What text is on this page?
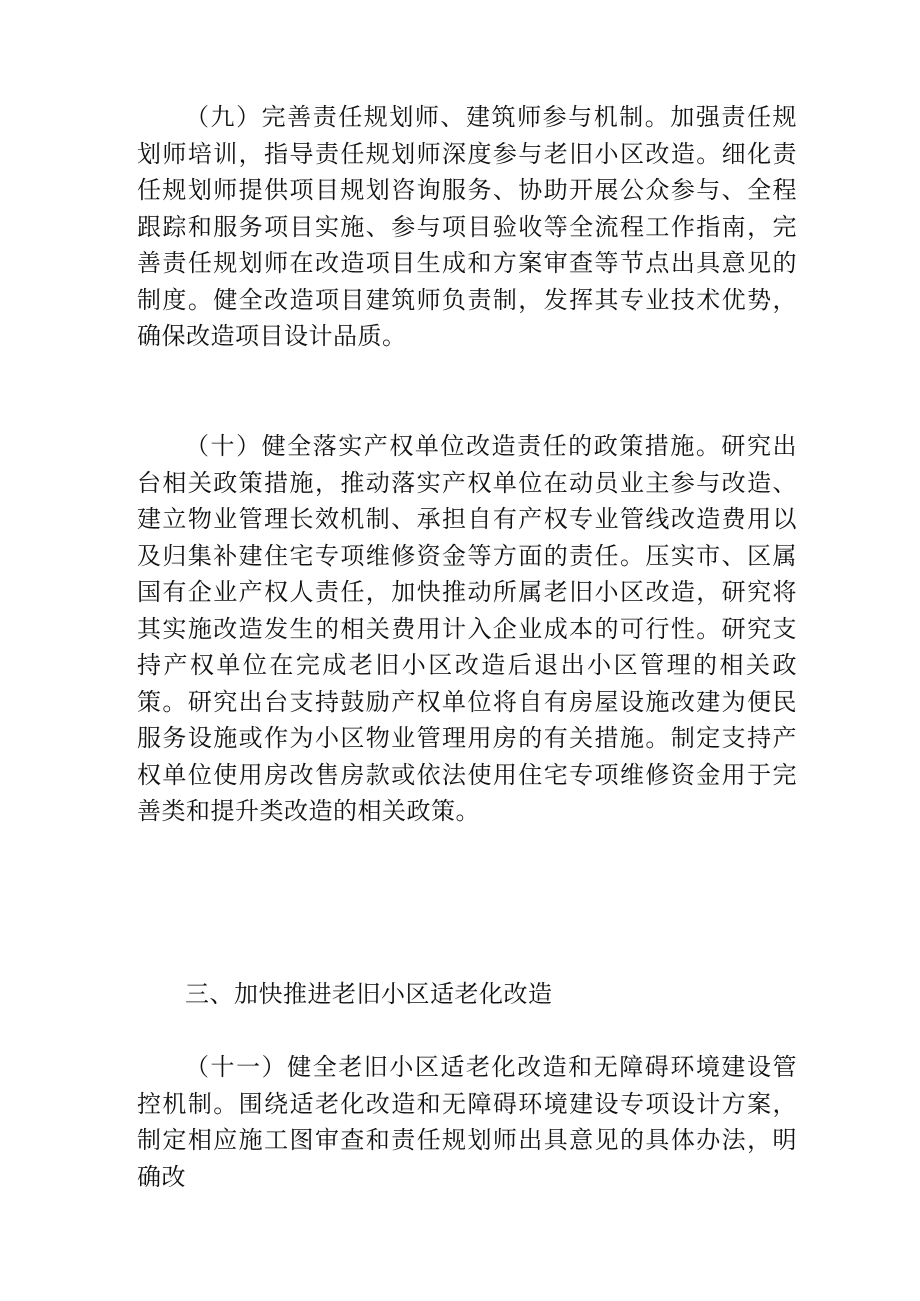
（九）完善责任规划师、建筑师参与机制。加强责任规划师培训，指导责任规划师深度参与老旧小区改造。细化责任规划师提供项目规划咨询服务、协助开展公众参与、全程跟踪和服务项目实施、参与项目验收等全流程工作指南，完善责任规划师在改造项目生成和方案审查等节点出具意见的制度。健全改造项目建筑师负责制，发挥其专业技术优势，确保改造项目设计品质。

（十）健全落实产权单位改造责任的政策措施。研究出台相关政策措施，推动落实产权单位在动员业主参与改造、建立物业管理长效机制、承担自有产权专业管线改造费用以及归集补建住宅专项维修资金等方面的责任。压实市、区属国有企业产权人责任，加快推动所属老旧小区改造，研究将其实施改造发生的相关费用计入企业成本的可行性。研究支持产权单位在完成老旧小区改造后退出小区管理的相关政策。研究出台支持鼓励产权单位将自有房屋设施改建为便民服务设施或作为小区物业管理用房的有关措施。制定支持产权单位使用房改售房款或依法使用住宅专项维修资金用于完善类和提升类改造的相关政策。

三、加快推进老旧小区适老化改造

（十一）健全老旧小区适老化改造和无障碍环境建设管控机制。围绕适老化改造和无障碍环境建设专项设计方案，制定相应施工图审查和责任规划师出具意见的具体办法，明确改
